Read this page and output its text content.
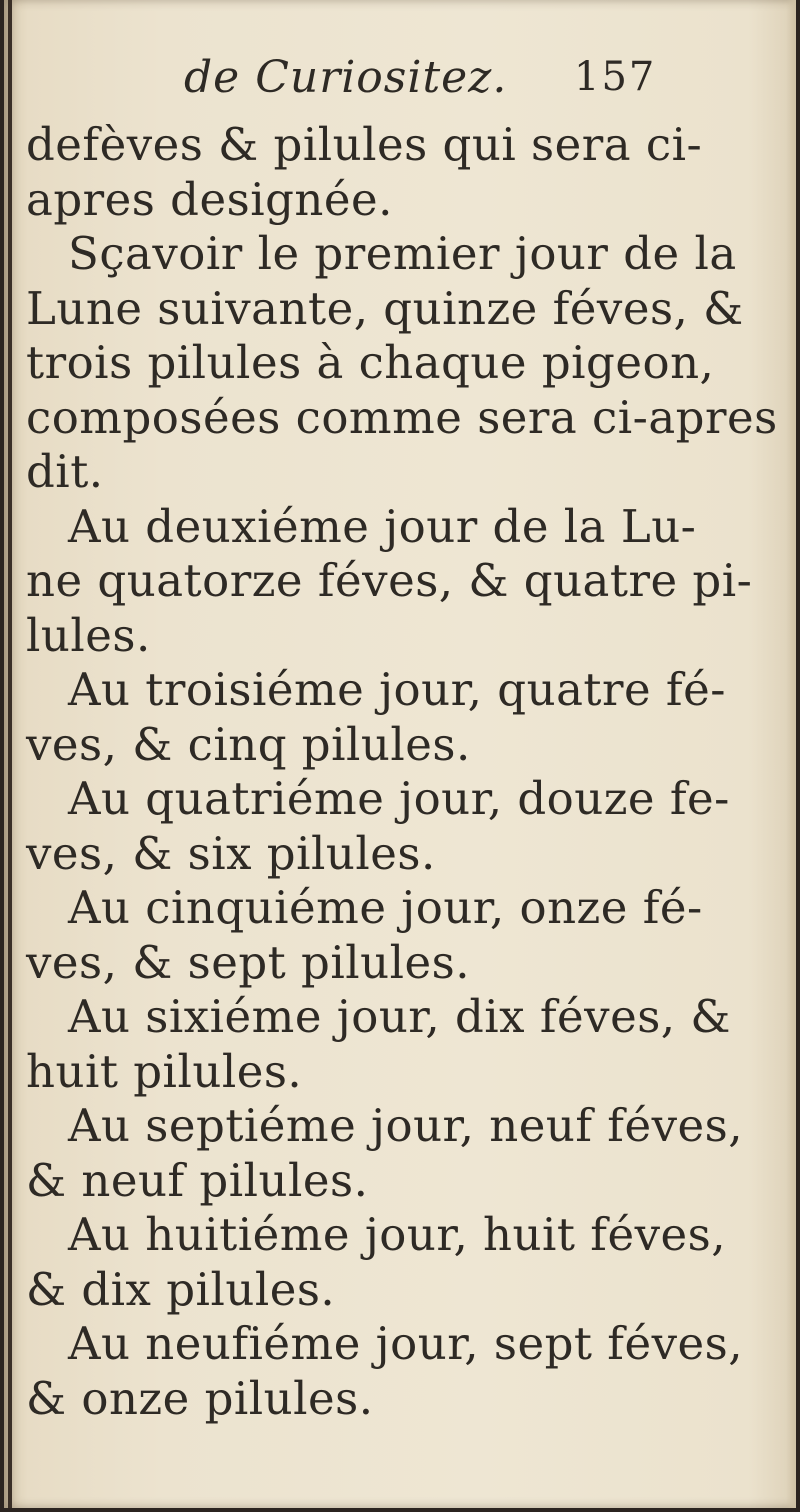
de Curiositez. 157
defèves & pilules qui sera ci-
apres designée.
Sçavoir le premier jour de la
Lune suivante, quinze féves, &
trois pilules à chaque pigeon,
composées comme sera ci-apres
dit.
Au deuxiéme jour de la Lu-
ne quatorze féves, & quatre pi-
lules.
Au troisiéme jour, quatre fé-
ves, & cinq pilules.
Au quatriéme jour, douze fe-
ves, & six pilules.
Au cinquiéme jour, onze fé-
ves, & sept pilules.
Au sixiéme jour, dix féves, &
huit pilules.
Au septiéme jour, neuf féves,
& neuf pilules.
Au huitiéme jour, huit féves,
& dix pilules.
Au neufiéme jour, sept féves,
& onze pilules.
